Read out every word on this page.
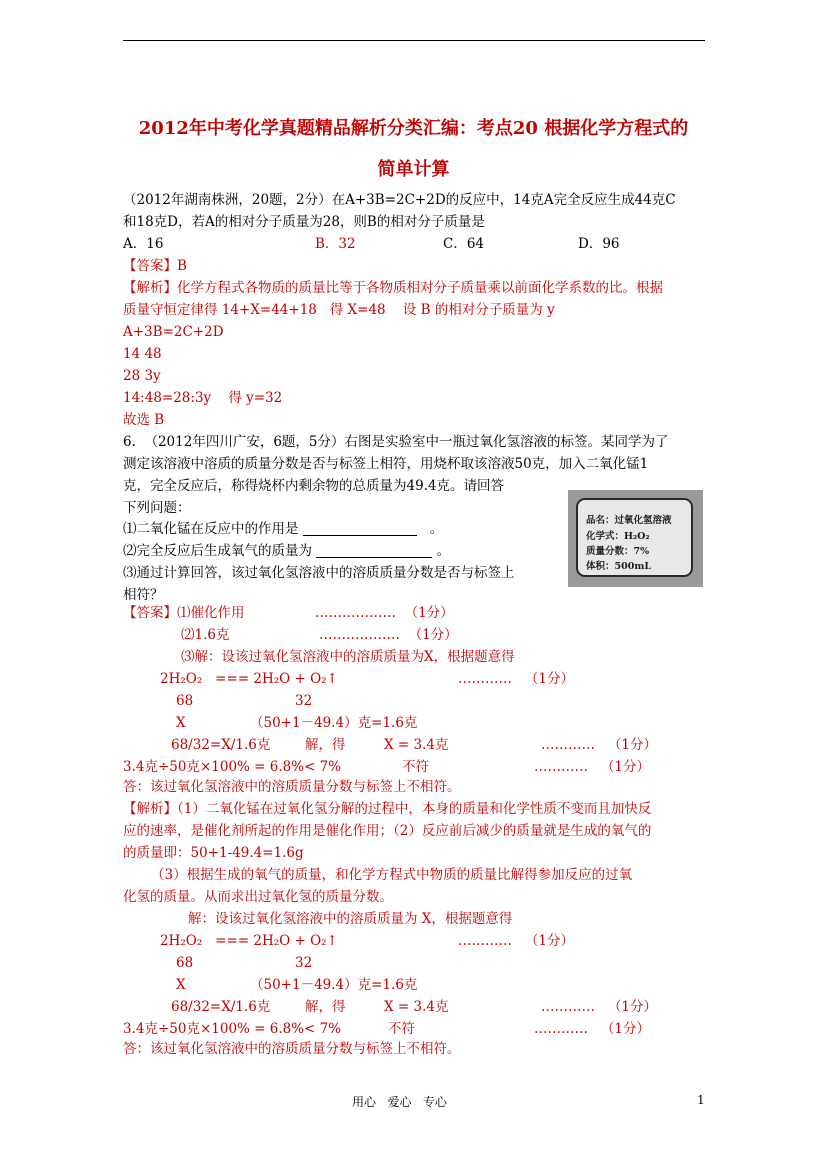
2012年中考化学真题精品解析分类汇编：考点20 根据化学方程式的
简单计算
（2012年湖南株洲，20题，2分）在A+3B=2C+2D的反应中，14克A完全反应生成44克C
和18克D，若A的相对分子质量为28，则B的相对分子质量是
A．16	B．32	C．64	D．96
【答案】B
【解析】化学方程式各物质的质量比等于各物质相对分子质量乘以前面化学系数的比。根据
质量守恒定律得 14+X=44+18   得 X=48    设 B 的相对分子质量为 y
A+3B=2C+2D
14 48
28 3y
14:48=28:3y    得 y=32
故选 B
6.  （2012年四川广安，6题，5分）右图是实验室中一瓶过氧化氢溶液的标签。某同学为了
测定该溶液中溶质的质量分数是否与标签上相符，用烧杯取该溶液50克，加入二氧化锰1
克，完全反应后，称得烧杯内剩余物的总质量为49.4克。请回答
下列问题：
⑴二氧化锰在反应中的作用是	。
⑵完全反应后生成氧气的质量为	。
⑶通过计算回答，该过氧化氢溶液中的溶质质量分数是否与标签上
相符？
品名：过氧化氢溶液
化学式：H₂O₂
质量分数：7%
体积：500mL
【答案】⑴催化作用	………………  （1分）
⑵1.6克	………………  （1分）
⑶解：设该过氧化氢溶液中的溶质质量为X，根据题意得
2H₂O₂   === 2H₂O + O₂↑	…………   （1分）
68	32
X	（50+1－49.4）克=1.6克
68/32=X/1.6克	解，得	X = 3.4克	…………   （1分）
3.4克÷50克×100% = 6.8%< 7%	不符	…………   （1分）
答：该过氧化氢溶液中的溶质质量分数与标签上不相符。
【解析】（1）二氧化锰在过氧化氢分解的过程中，本身的质量和化学性质不变而且加快反
应的速率，是催化剂所起的作用是催化作用；（2）反应前后减少的质量就是生成的氧气的
的质量即：50+1-49.4=1.6g
（3）根据生成的氧气的质量，和化学方程式中物质的质量比解得参加反应的过氧
化氢的质量。从而求出过氧化氢的质量分数。
解：设该过氧化氢溶液中的溶质质量为 X，根据题意得
2H₂O₂   === 2H₂O + O₂↑	…………   （1分）
68	32
X	（50+1－49.4）克=1.6克
68/32=X/1.6克	解，得	X = 3.4克	…………   （1分）
3.4克÷50克×100% = 6.8%< 7%	不符	…………   （1分）
答：该过氧化氢溶液中的溶质质量分数与标签上不相符。
用心   爱心   专心	1
